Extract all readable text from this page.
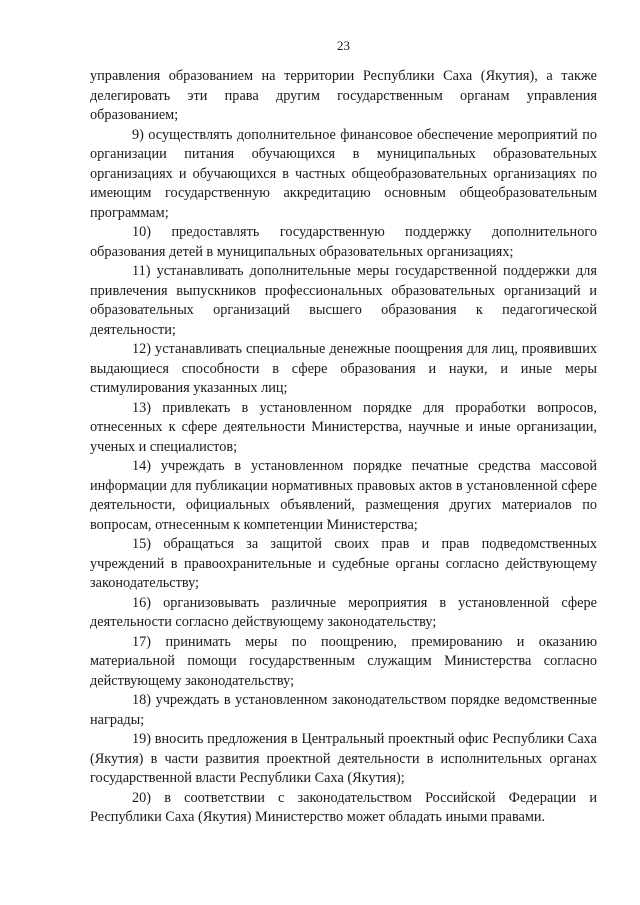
23

управления образованием на территории Республики Саха (Якутия), а также делегировать эти права другим государственным органам управления образованием;

9) осуществлять дополнительное финансовое обеспечение мероприятий по организации питания обучающихся в муниципальных образовательных организациях и обучающихся в частных общеобразовательных организациях по имеющим государственную аккредитацию основным общеобразовательным программам;

10) предоставлять государственную поддержку дополнительного образования детей в муниципальных образовательных организациях;

11) устанавливать дополнительные меры государственной поддержки для привлечения выпускников профессиональных образовательных организаций и образовательных организаций высшего образования к педагогической деятельности;

12) устанавливать специальные денежные поощрения для лиц, проявивших выдающиеся способности в сфере образования и науки, и иные меры стимулирования указанных лиц;

13) привлекать в установленном порядке для проработки вопросов, отнесенных к сфере деятельности Министерства, научные и иные организации, ученых и специалистов;

14) учреждать в установленном порядке печатные средства массовой информации для публикации нормативных правовых актов в установленной сфере деятельности, официальных объявлений, размещения других материалов по вопросам, отнесенным к компетенции Министерства;

15) обращаться за защитой своих прав и прав подведомственных учреждений в правоохранительные и судебные органы согласно действующему законодательству;

16) организовывать различные мероприятия в установленной сфере деятельности согласно действующему законодательству;

17) принимать меры по поощрению, премированию и оказанию материальной помощи государственным служащим Министерства согласно действующему законодательству;

18) учреждать в установленном законодательством порядке ведомственные награды;

19) вносить предложения в Центральный проектный офис Республики Саха (Якутия) в части развития проектной деятельности в исполнительных органах государственной власти Республики Саха (Якутия);

20) в соответствии с законодательством Российской Федерации и Республики Саха (Якутия) Министерство может обладать иными правами.
